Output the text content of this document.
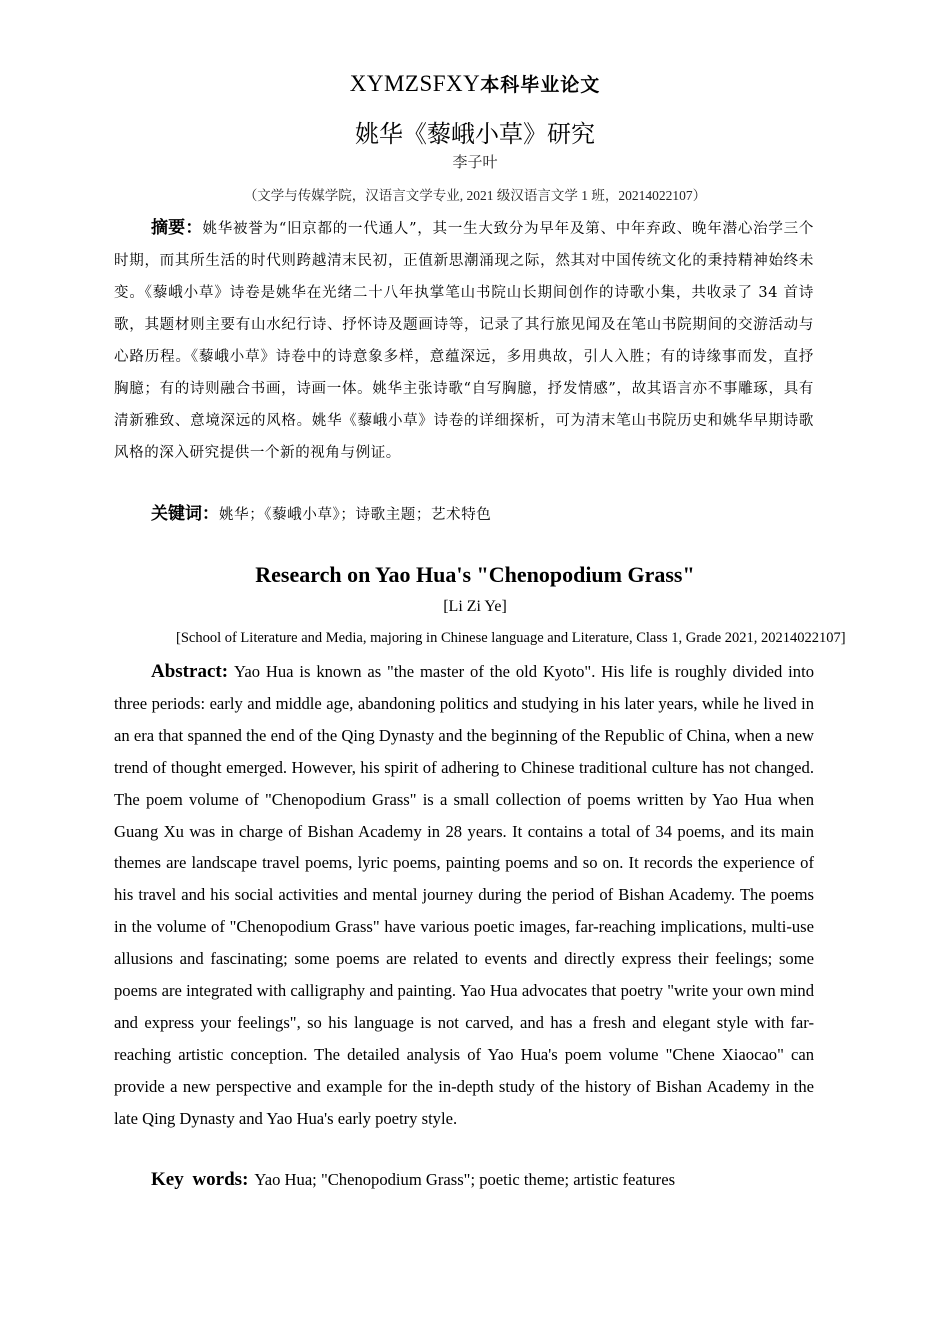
XYMZSFXY本科毕业论文
姚华《藜峨小草》研究
李子叶
（文学与传媒学院，汉语言文学专业, 2021 级汉语言文学 1 班，20214022107）

摘要：姚华被誉为“旧京都的一代通人”，其一生大致分为早年及第、中年弃政、晚年潜心治学三个时期，而其所生活的时代则跨越清末民初，正值新思潮涌现之际，然其对中国传统文化的秉持精神始终未变。《藜峨小草》诗卷是姚华在光绪二十八年执掌笔山书院山长期间创作的诗歌小集，共收录了 34 首诗歌，其题材则主要有山水纪行诗、抒怀诗及题画诗等，记录了其行旅见闻及在笔山书院期间的交游活动与心路历程。《藜峨小草》诗卷中的诗意象多样，意蕴深远，多用典故，引人入胜；有的诗缘事而发，直抒胸臆；有的诗则融合书画，诗画一体。姚华主张诗歌“自写胸臆，抒发情感”，故其语言亦不事雕琢，具有清新雅致、意境深远的风格。姚华《藜峨小草》诗卷的详细探析，可为清末笔山书院历史和姚华早期诗歌风格的深入研究提供一个新的视角与例证。

关键词：姚华；《藜峨小草》；诗歌主题；艺术特色

Research on Yao Hua's "Chenopodium Grass"
[Li Zi Ye]
[School of Literature and Media, majoring in Chinese language and Literature, Class 1, Grade 2021, 20214022107]

Abstract: Yao Hua is known as "the master of the old Kyoto". His life is roughly divided into three periods: early and middle age, abandoning politics and studying in his later years, while he lived in an era that spanned the end of the Qing Dynasty and the beginning of the Republic of China, when a new trend of thought emerged. However, his spirit of adhering to Chinese traditional culture has not changed. The poem volume of "Chenopodium Grass" is a small collection of poems written by Yao Hua when Guang Xu was in charge of Bishan Academy in 28 years. It contains a total of 34 poems, and its main themes are landscape travel poems, lyric poems, painting poems and so on. It records the experience of his travel and his social activities and mental journey during the period of Bishan Academy. The poems in the volume of "Chenopodium Grass" have various poetic images, far-reaching implications, multi-use allusions and fascinating; some poems are related to events and directly express their feelings; some poems are integrated with calligraphy and painting. Yao Hua advocates that poetry "write your own mind and express your feelings", so his language is not carved, and has a fresh and elegant style with far-reaching artistic conception. The detailed analysis of Yao Hua's poem volume "Chene Xiaocao" can provide a new perspective and example for the in-depth study of the history of Bishan Academy in the late Qing Dynasty and Yao Hua's early poetry style.

Key words: Yao Hua; "Chenopodium Grass"; poetic theme; artistic features
